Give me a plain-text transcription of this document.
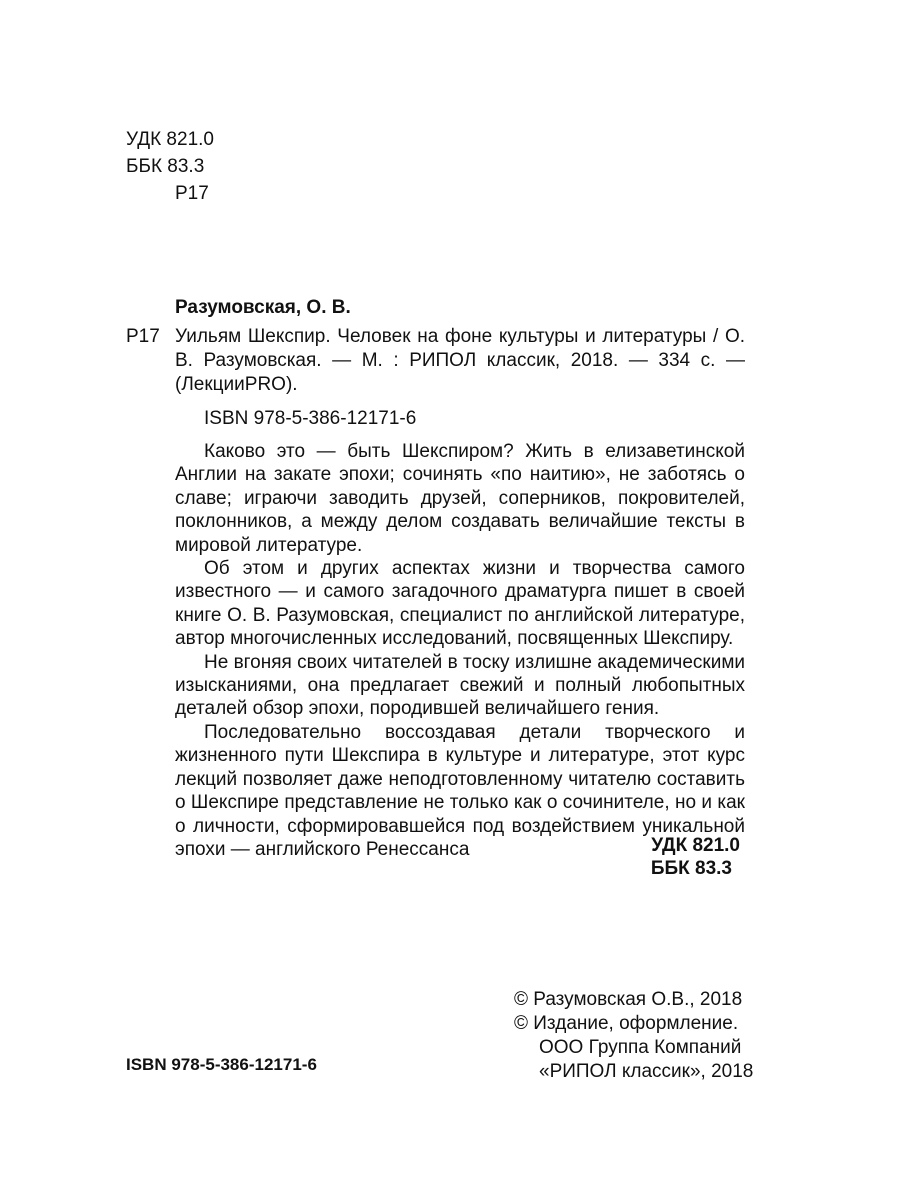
УДК 821.0
ББК 83.3
Р17
Разумовская, О. В.
Р17 Уильям Шекспир. Человек на фоне культуры и литературы / О. В. Разумовская. — М. : РИПОЛ классик, 2018. — 334 с. — (ЛекцииPRO).
ISBN 978-5-386-12171-6

Каково это — быть Шекспиром? Жить в елизаветинской Англии на закате эпохи; сочинять «по наитию», не заботясь о славе; играючи заводить друзей, соперников, покровителей, поклонников, а между делом создавать величайшие тексты в мировой литературе.

Об этом и других аспектах жизни и творчества самого известного — и самого загадочного драматурга пишет в своей книге О. В. Разумовская, специалист по английской литературе, автор многочисленных исследований, посвященных Шекспиру.

Не вгоняя своих читателей в тоску излишне академическими изысканиями, она предлагает свежий и полный любопытных деталей обзор эпохи, породившей величайшего гения.

Последовательно воссоздавая детали творческого и жизненного пути Шекспира в культуре и литературе, этот курс лекций позволяет даже неподготовленному читателю составить о Шекспире представление не только как о сочинителе, но и как о личности, сформировавшейся под воздействием уникальной эпохи — английского Ренессанса	УДК 821.0
ББК 83.3
ISBN 978-5-386-12171-6
© Разумовская О.В., 2018
© Издание, оформление.
ООО Группа Компаний
«РИПОЛ классик», 2018
